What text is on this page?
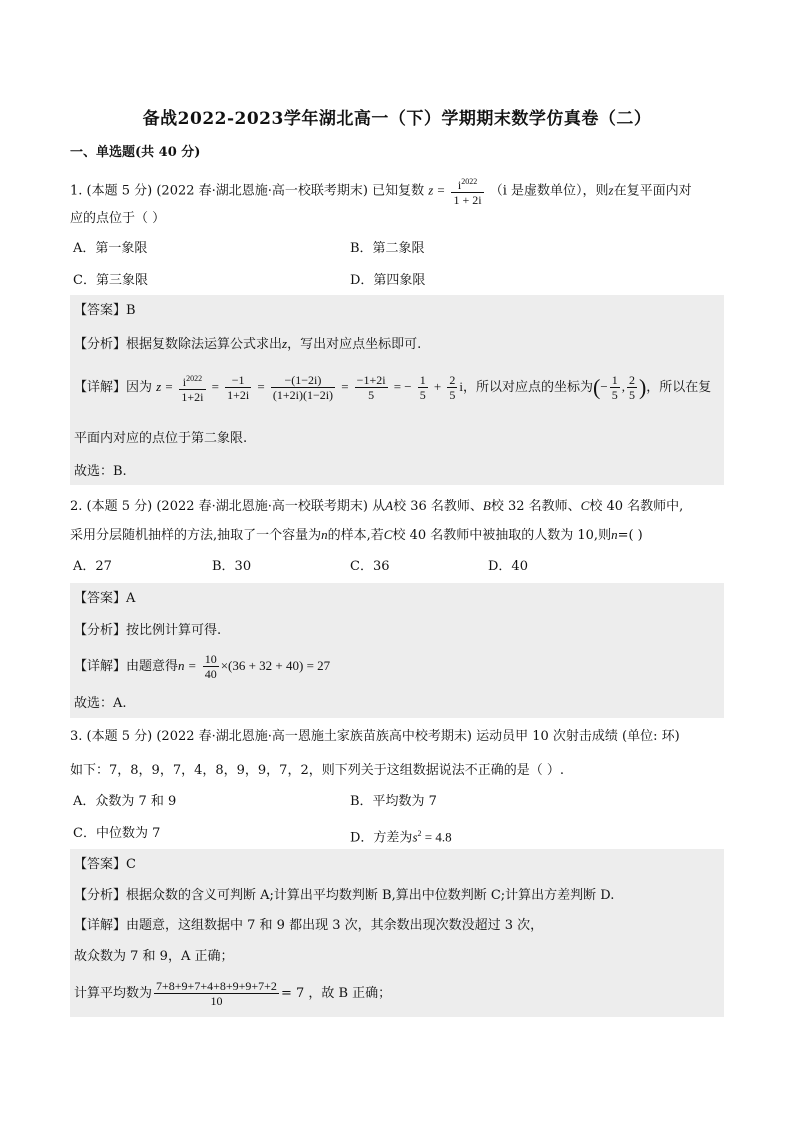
备战2022-2023学年湖北高一（下）学期期末数学仿真卷（二）
一、单选题(共 40 分)
1. (本题 5 分) (2022 春·湖北恩施·高一校联考期末) 已知复数 $z = \frac{i^{2022}}{1 + 2i} (i$ 是虚数单位），则z在复平面内对
应的点位于（ ）
A．第一象限	B．第二象限
C．第三象限	D．第四象限
【答案】B
【分析】根据复数除法运算公式求出z，写出对应点坐标即可.
【详解】因为 $z = \frac{i^{2022}}{1+2i} = \frac{-1}{1+2i} = \frac{-(1-2i)}{(1+2i)(1-2i)} = \frac{-1+2i}{5}$ = − $\frac{1}{5} + \frac{2}{5}$ i，所以对应点的坐标为(− $\frac{1}{5}$ , $\frac{2}{5}$ )，所以在复
平面内对应的点位于第二象限.
故选：B.
2. (本题 5 分) (2022 春·湖北恩施·高一校联考期末) 从A校 36 名教师、B校 32 名教师、C校 40 名教师中,
采用分层随机抽样的方法,抽取了一个容量为n的样本,若C校 40 名教师中被抽取的人数为 10,则n=( )
A．27	B．30	C．36	D．40
【答案】A
【分析】按比例计算可得.
【详解】由题意得$n = \frac{10}{40} \times(36 + 32 + 40) = 27$
故选：A.
3. (本题 5 分) (2022 春·湖北恩施·高一恩施土家族苗族高中校考期末) 运动员甲 10 次射击成绩 (单位: 环)
如下：7，8，9，7，4，8，9，9，7，2，则下列关于这组数据说法不正确的是（ ）.
A．众数为 7 和 9	B．平均数为 7
C．中位数为 7	D．方差为$s^2 = 4.8$
【答案】C
【分析】根据众数的含义可判断 A;计算出平均数判断 B,算出中位数判断 C;计算出方差判断 D.
【详解】由题意，这组数据中 7 和 9 都出现 3 次，其余数出现次数没超过 3 次，
故众数为 7 和 9，A 正确；
计算平均数为 $\frac{7+8+9+7+4+8+9+9+7+2}{10} = 7$ ，故 B 正确；
